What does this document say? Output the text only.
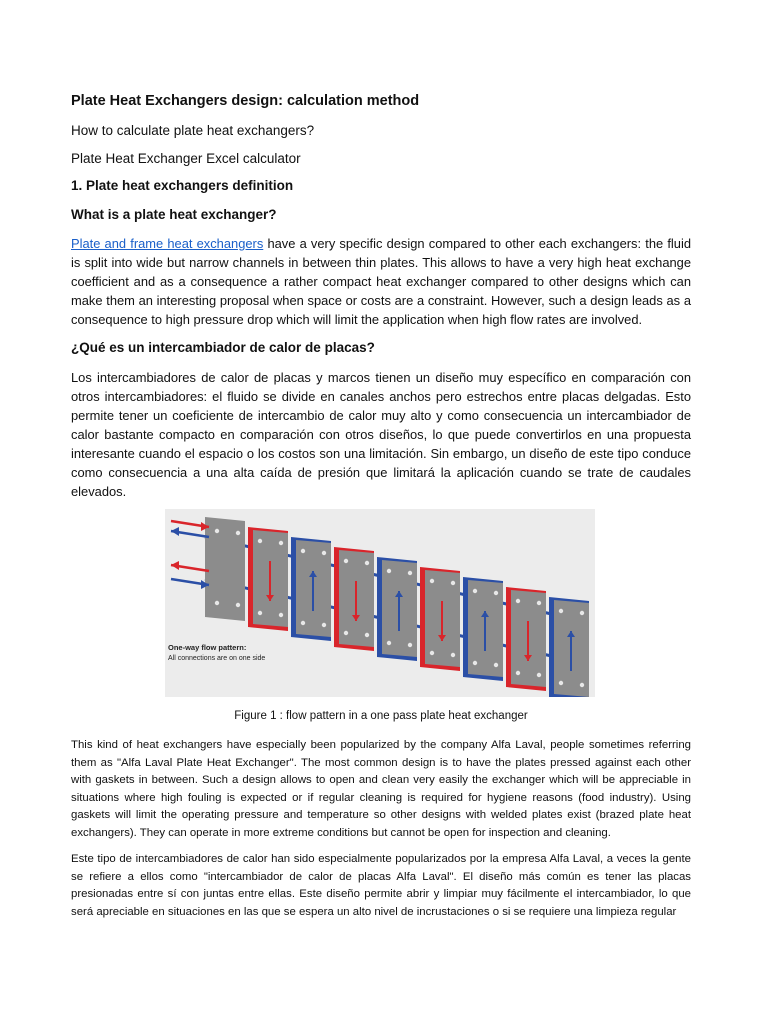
Plate Heat Exchangers design: calculation method
How to calculate plate heat exchangers?
Plate Heat Exchanger Excel calculator
1. Plate heat exchangers definition
What is a plate heat exchanger?

Plate and frame heat exchangers have a very specific design compared to other each exchangers: the fluid is split into wide but narrow channels in between thin plates. This allows to have a very high heat exchange coefficient and as a consequence a rather compact heat exchanger compared to other designs which can make them an interesting proposal when space or costs are a constraint. However, such a design leads as a consequence to high pressure drop which will limit the application when high flow rates are involved.

¿Qué es un intercambiador de calor de placas?

Los intercambiadores de calor de placas y marcos tienen un diseño muy específico en comparación con otros intercambiadores: el fluido se divide en canales anchos pero estrechos entre placas delgadas. Esto permite tener un coeficiente de intercambio de calor muy alto y como consecuencia un intercambiador de calor bastante compacto en comparación con otros diseños, lo que puede convertirlos en una propuesta interesante cuando el espacio o los costos son una limitación. Sin embargo, un diseño de este tipo conduce como consecuencia a una alta caída de presión que limitará la aplicación cuando se trate de caudales elevados.

One-way flow pattern:
All connections are on one side
Figure 1 : flow pattern in a one pass plate heat exchanger

This kind of heat exchangers have especially been popularized by the company Alfa Laval, people sometimes referring them as "Alfa Laval Plate Heat Exchanger". The most common design is to have the plates pressed against each other with gaskets in between. Such a design allows to open and clean very easily the exchanger which will be appreciable in situations where high fouling is expected or if regular cleaning is required for hygiene reasons (food industry). Using gaskets will limit the operating pressure and temperature so other designs with welded plates exist (brazed plate heat exchangers). They can operate in more extreme conditions but cannot be open for inspection and cleaning.

Este tipo de intercambiadores de calor han sido especialmente popularizados por la empresa Alfa Laval, a veces la gente se refiere a ellos como "intercambiador de calor de placas Alfa Laval". El diseño más común es tener las placas presionadas entre sí con juntas entre ellas. Este diseño permite abrir y limpiar muy fácilmente el intercambiador, lo que será apreciable en situaciones en las que se espera un alto nivel de incrustaciones o si se requiere una limpieza regular
